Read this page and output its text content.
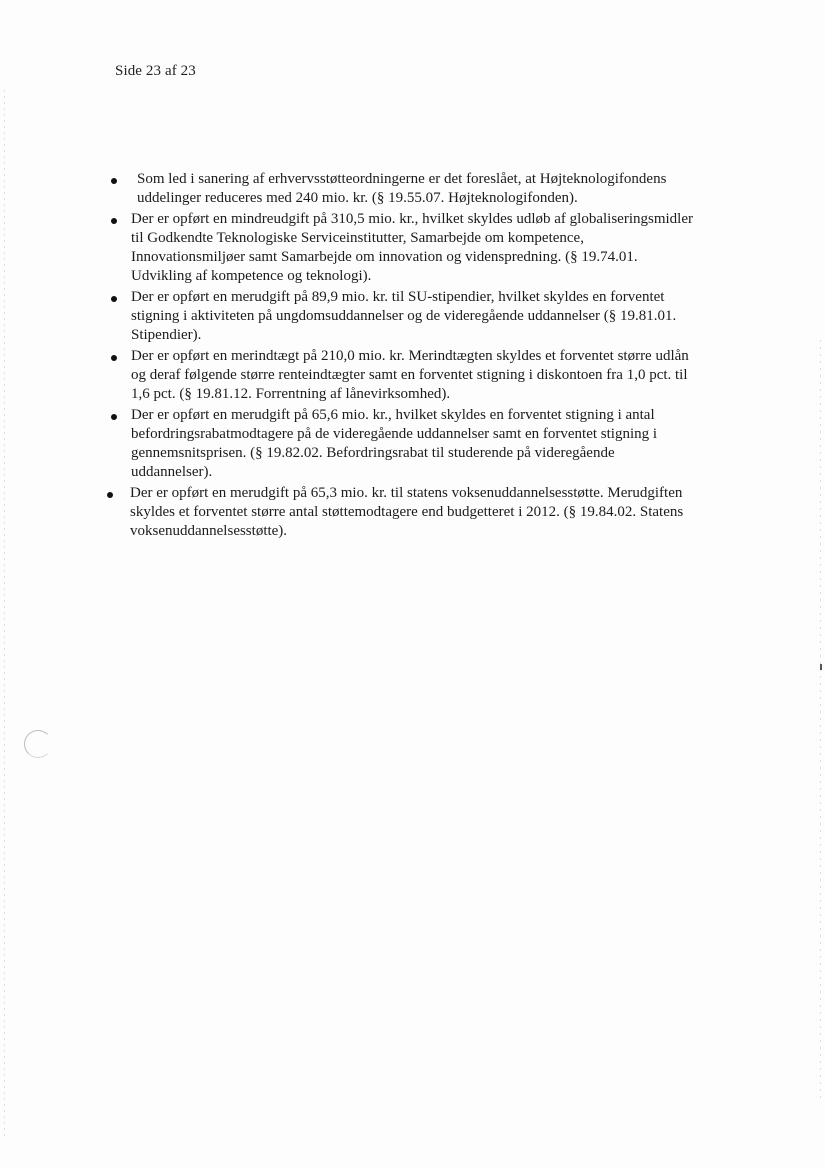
Side 23 af 23
Som led i sanering af erhvervsstøtteordningerne er det foreslået, at Højteknologifondens uddelinger reduceres med 240 mio. kr. (§ 19.55.07. Højteknologifonden).
Der er opført en mindreudgift på 310,5 mio. kr., hvilket skyldes udløb af globaliseringsmidler til Godkendte Teknologiske Serviceinstitutter, Samarbejde om kompetence, Innovationsmiljøer samt Samarbejde om innovation og videnspredning. (§ 19.74.01. Udvikling af kompetence og teknologi).
Der er opført en merudgift på 89,9 mio. kr. til SU-stipendier, hvilket skyldes en forventet stigning i aktiviteten på ungdomsuddannelser og de videregående uddannelser (§ 19.81.01. Stipendier).
Der er opført en merindtægt på 210,0 mio. kr. Merindtægten skyldes et forventet større udlån og deraf følgende større renteindtægter samt en forventet stigning i diskontoen fra 1,0 pct. til 1,6 pct. (§ 19.81.12. Forrentning af lånevirksomhed).
Der er opført en merudgift på 65,6 mio. kr., hvilket skyldes en forventet stigning i antal befordringsrabatmodtagere på de videregående uddannelser samt en forventet stigning i gennemsnitsprisen. (§ 19.82.02. Befordringsrabat til studerende på videregående uddannelser).
Der er opført en merudgift på 65,3 mio. kr. til statens voksenuddannelsesstøtte. Merudgiften skyldes et forventet større antal støttemodtagere end budgetteret i 2012. (§ 19.84.02. Statens voksenuddannelsesstøtte).
